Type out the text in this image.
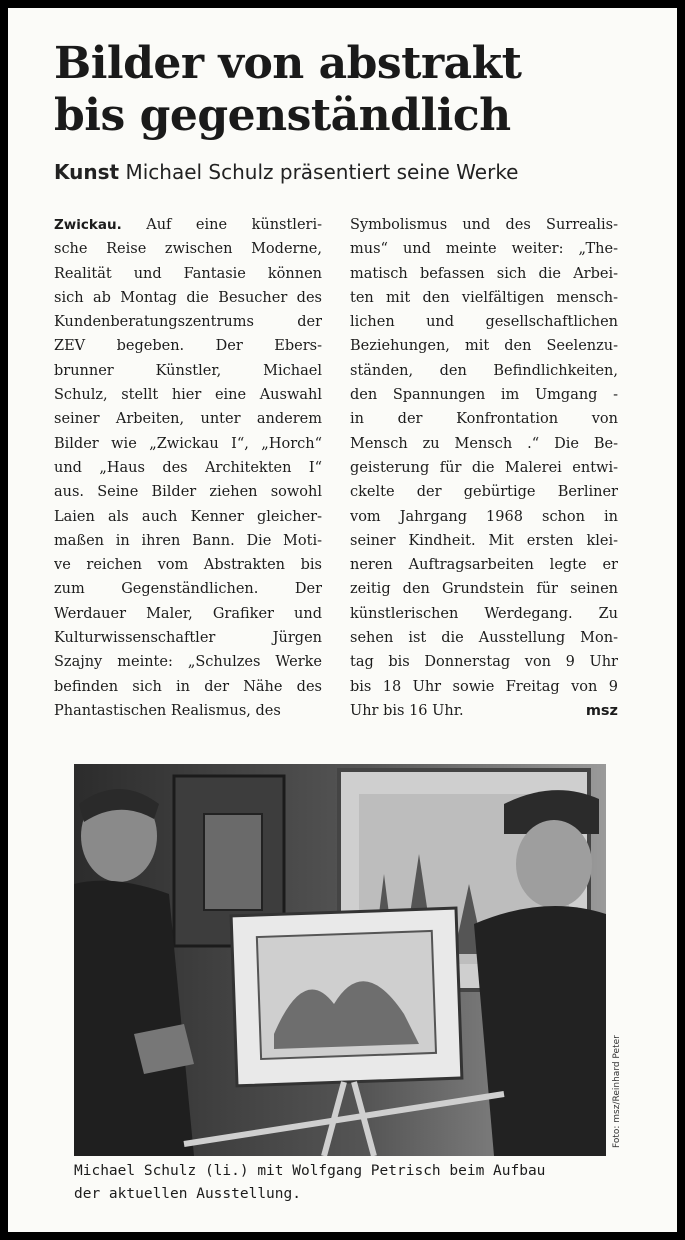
Bilder von abstrakt
bis gegenständlich

Kunst Michael Schulz präsentiert seine Werke

Zwickau. Auf eine künstleri-
sche Reise zwischen Moderne,
Realität und Fantasie können
sich ab Montag die Besucher des
Kundenberatungszentrums der
ZEV begeben. Der Ebers-
brunner Künstler, Michael
Schulz, stellt hier eine Auswahl
seiner Arbeiten, unter anderem
Bilder wie „Zwickau I“, „Horch“
und „Haus des Architekten I“
aus. Seine Bilder ziehen sowohl
Laien als auch Kenner gleicher-
maßen in ihren Bann. Die Moti-
ve reichen vom Abstrakten bis
zum Gegenständlichen. Der
Werdauer Maler, Grafiker und
Kulturwissenschaftler Jürgen
Szajny meinte: „Schulzes Werke
befinden sich in der Nähe des
Phantastischen Realismus, des
Symbolismus und des Surrealis-
mus“ und meinte weiter: „The-
matisch befassen sich die Arbei-
ten mit den vielfältigen mensch-
lichen und gesellschaftlichen
Beziehungen, mit den Seelenzu-
ständen, den Befindlichkeiten,
den Spannungen im Umgang -
in der Konfrontation von
Mensch zu Mensch .“ Die Be-
geisterung für die Malerei entwi-
ckelte der gebürtige Berliner
vom Jahrgang 1968 schon in
seiner Kindheit. Mit ersten klei-
neren Auftragsarbeiten legte er
zeitig den Grundstein für seinen
künstlerischen Werdegang. Zu
sehen ist die Ausstellung Mon-
tag bis Donnerstag von 9 Uhr
bis 18 Uhr sowie Freitag von 9
Uhr bis 16 Uhr.	msz
Foto: msz/Reinhard Peter

Michael Schulz (li.) mit Wolfgang Petrisch beim Aufbau
der aktuellen Ausstellung.
